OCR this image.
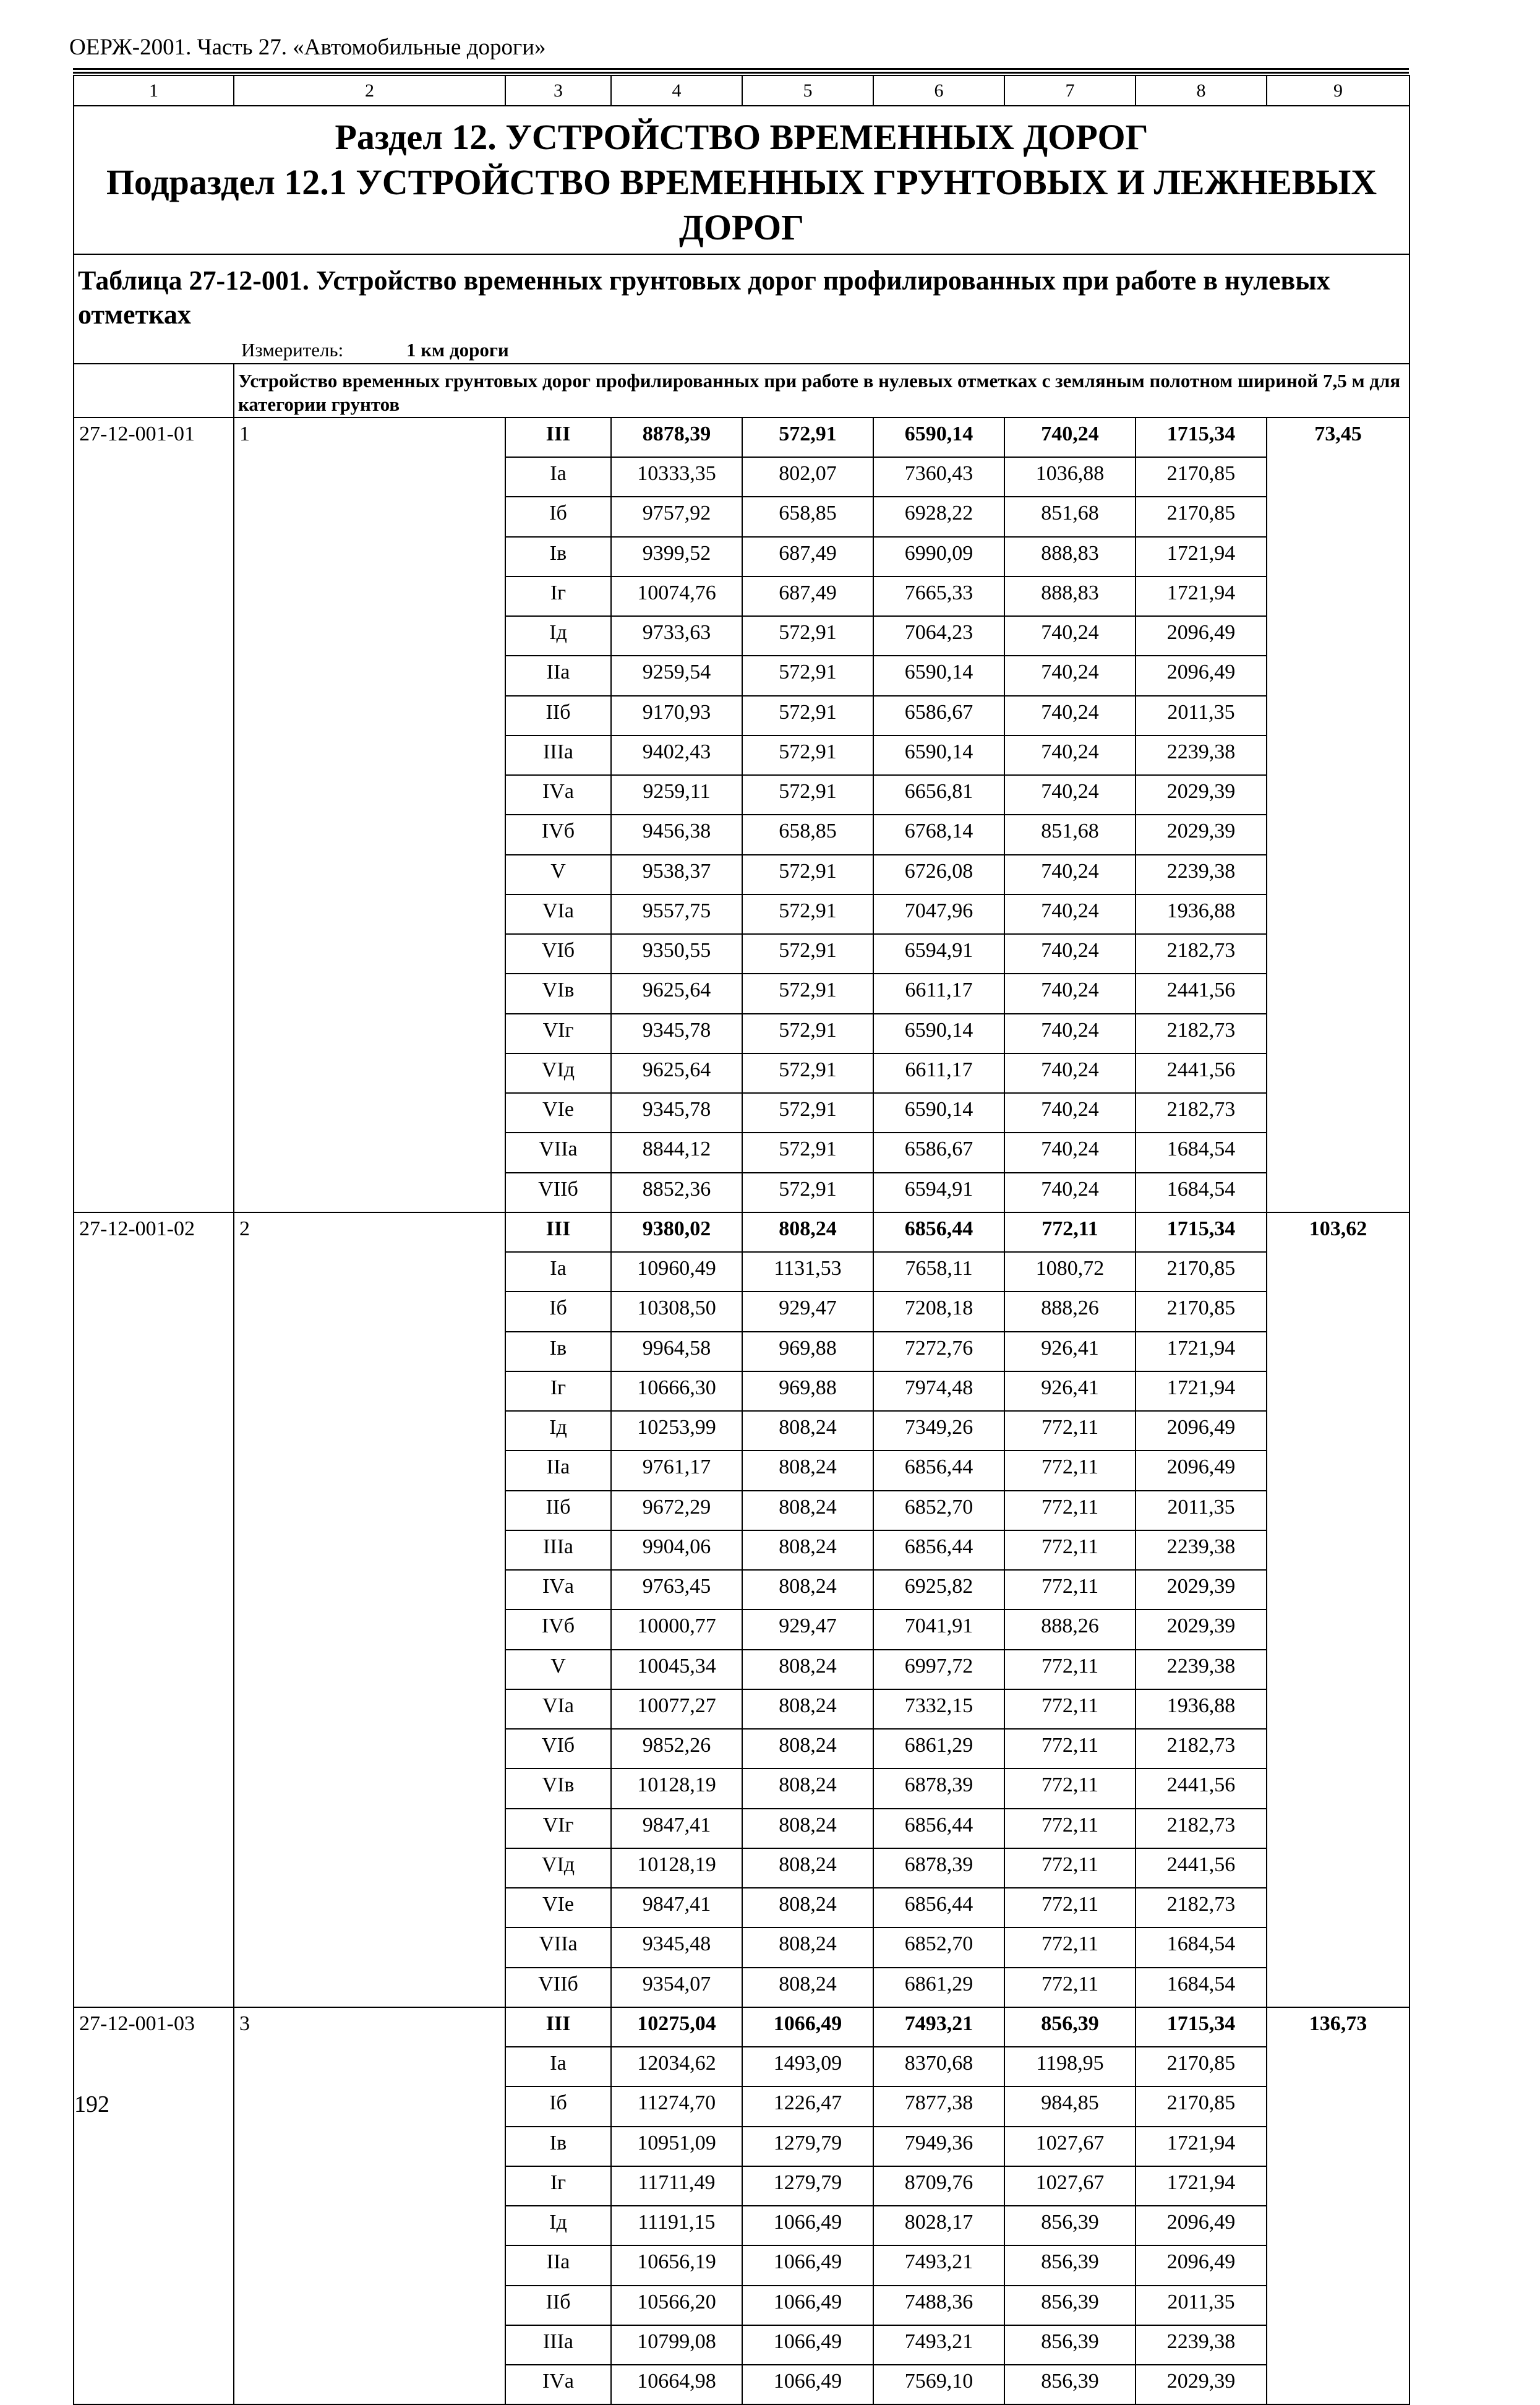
ОЕРЖ-2001. Часть 27. «Автомобильные дороги»
1	2	3	4	5	6	7	8	9

Раздел 12. УСТРОЙСТВО ВРЕМЕННЫХ ДОРОГ
Подраздел 12.1 УСТРОЙСТВО ВРЕМЕННЫХ ГРУНТОВЫХ И ЛЕЖНЕВЫХ ДОРОГ								

Таблица 27-12-001. Устройство временных грунтовых дорог профилированных при работе в нулевых отметках
Измеритель: 1 км дороги								

	Устройство временных грунтовых дорог профилированных при работе в нулевых отметках с земляным полотном шириной 7,5 м для категории грунтов							

27-12-001-01	1	III	8878,39	572,91	6590,14	740,24	1715,34	73,45
		Iа	10333,35	802,07	7360,43	1036,88	2170,85	
		Iб	9757,92	658,85	6928,22	851,68	2170,85	
		Iв	9399,52	687,49	6990,09	888,83	1721,94	
		Iг	10074,76	687,49	7665,33	888,83	1721,94	
		Iд	9733,63	572,91	7064,23	740,24	2096,49	
		IIа	9259,54	572,91	6590,14	740,24	2096,49	
		IIб	9170,93	572,91	6586,67	740,24	2011,35	
		IIIа	9402,43	572,91	6590,14	740,24	2239,38	
		IVа	9259,11	572,91	6656,81	740,24	2029,39	
		IVб	9456,38	658,85	6768,14	851,68	2029,39	
		V	9538,37	572,91	6726,08	740,24	2239,38	
		VIа	9557,75	572,91	7047,96	740,24	1936,88	
		VIб	9350,55	572,91	6594,91	740,24	2182,73	
		VIв	9625,64	572,91	6611,17	740,24	2441,56	
		VIг	9345,78	572,91	6590,14	740,24	2182,73	
		VIд	9625,64	572,91	6611,17	740,24	2441,56	
		VIе	9345,78	572,91	6590,14	740,24	2182,73	
		VIIа	8844,12	572,91	6586,67	740,24	1684,54	
		VIIб	8852,36	572,91	6594,91	740,24	1684,54	
27-12-001-02	2	III	9380,02	808,24	6856,44	772,11	1715,34	103,62
		Iа	10960,49	1131,53	7658,11	1080,72	2170,85	
		Iб	10308,50	929,47	7208,18	888,26	2170,85	
		Iв	9964,58	969,88	7272,76	926,41	1721,94	
		Iг	10666,30	969,88	7974,48	926,41	1721,94	
		Iд	10253,99	808,24	7349,26	772,11	2096,49	
		IIа	9761,17	808,24	6856,44	772,11	2096,49	
		IIб	9672,29	808,24	6852,70	772,11	2011,35	
		IIIа	9904,06	808,24	6856,44	772,11	2239,38	
		IVа	9763,45	808,24	6925,82	772,11	2029,39	
		IVб	10000,77	929,47	7041,91	888,26	2029,39	
		V	10045,34	808,24	6997,72	772,11	2239,38	
		VIа	10077,27	808,24	7332,15	772,11	1936,88	
		VIб	9852,26	808,24	6861,29	772,11	2182,73	
		VIв	10128,19	808,24	6878,39	772,11	2441,56	
		VIг	9847,41	808,24	6856,44	772,11	2182,73	
		VIд	10128,19	808,24	6878,39	772,11	2441,56	
		VIе	9847,41	808,24	6856,44	772,11	2182,73	
		VIIа	9345,48	808,24	6852,70	772,11	1684,54	
		VIIб	9354,07	808,24	6861,29	772,11	1684,54	
27-12-001-03	3	III	10275,04	1066,49	7493,21	856,39	1715,34	136,73
		Iа	12034,62	1493,09	8370,68	1198,95	2170,85	
		Iб	11274,70	1226,47	7877,38	984,85	2170,85	
		Iв	10951,09	1279,79	7949,36	1027,67	1721,94	
		Iг	11711,49	1279,79	8709,76	1027,67	1721,94	
		Iд	11191,15	1066,49	8028,17	856,39	2096,49	
		IIа	10656,19	1066,49	7493,21	856,39	2096,49	
		IIб	10566,20	1066,49	7488,36	856,39	2011,35	
		IIIа	10799,08	1066,49	7493,21	856,39	2239,38	
		IVа	10664,98	1066,49	7569,10	856,39	2029,39	
192
